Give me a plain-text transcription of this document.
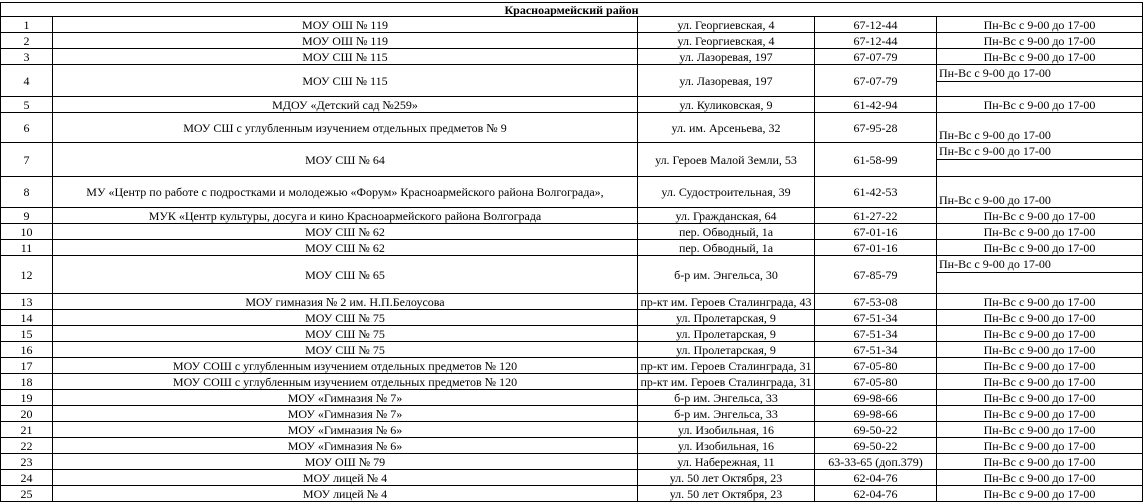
Красноармейский район				
1	МОУ ОШ № 119	ул. Георгиевская, 4	67-12-44	Пн-Вс с 9-00 до 17-00
2	МОУ ОШ № 119	ул. Георгиевская, 4	67-12-44	Пн-Вс с 9-00 до 17-00
3	МОУ СШ № 115	ул. Лазоревая, 197	67-07-79	Пн-Вс с 9-00 до 17-00
4	МОУ СШ № 115	ул. Лазоревая, 197	67-07-79	Пн-Вс с 9-00 до 17-00

5	МДОУ «Детский сад №259»	ул. Куликовская, 9	61-42-94	Пн-Вс с 9-00 до 17-00
6	МОУ СШ с углубленным изучением отдельных предметов № 9	ул. им. Арсеньева, 32	67-95-28	Пн-Вс с 9-00 до 17-00
7	МОУ СШ № 64	ул. Героев Малой Земли, 53	61-58-99	Пн-Вс с 9-00 до 17-00

8	МУ «Центр по работе с подростками и молодежью «Форум» Красноармейского района Волгограда»,	ул. Судостроительная, 39	61-42-53	Пн-Вс с 9-00 до 17-00
9	МУК «Центр культуры, досуга и кино Красноармейского района Волгограда	ул. Гражданская, 64	61-27-22	Пн-Вс с 9-00 до 17-00
10	МОУ СШ № 62	пер. Обводный, 1а	67-01-16	Пн-Вс с 9-00 до 17-00
11	МОУ СШ № 62	пер. Обводный, 1а	67-01-16	Пн-Вс с 9-00 до 17-00
12	МОУ СШ № 65	б-р им. Энгельса, 30	67-85-79	Пн-Вс с 9-00 до 17-00

13	МОУ гимназия № 2 им. Н.П.Белоусова	пр-кт им. Героев Сталинграда, 43	67-53-08	Пн-Вс с 9-00 до 17-00
14	МОУ СШ № 75	ул. Пролетарская, 9	67-51-34	Пн-Вс с 9-00 до 17-00
15	МОУ СШ № 75	ул. Пролетарская, 9	67-51-34	Пн-Вс с 9-00 до 17-00
16	МОУ СШ № 75	ул. Пролетарская, 9	67-51-34	Пн-Вс с 9-00 до 17-00
17	МОУ СОШ с углубленным изучением отдельных предметов № 120	пр-кт им. Героев Сталинграда, 31	67-05-80	Пн-Вс с 9-00 до 17-00
18	МОУ СОШ с углубленным изучением отдельных предметов № 120	пр-кт им. Героев Сталинграда, 31	67-05-80	Пн-Вс с 9-00 до 17-00
19	МОУ «Гимназия № 7»	б-р им. Энгельса, 33	69-98-66	Пн-Вс с 9-00 до 17-00
20	МОУ «Гимназия № 7»	б-р им. Энгельса, 33	69-98-66	Пн-Вс с 9-00 до 17-00
21	МОУ «Гимназия № 6»	ул. Изобильная, 16	69-50-22	Пн-Вс с 9-00 до 17-00
22	МОУ «Гимназия № 6»	ул. Изобильная, 16	69-50-22	Пн-Вс с 9-00 до 17-00
23	МОУ ОШ № 79	ул. Набережная, 11	63-33-65 (доп.379)	Пн-Вс с 9-00 до 17-00
24	МОУ лицей № 4	ул. 50 лет Октября, 23	62-04-76	Пн-Вс с 9-00 до 17-00
25	МОУ лицей № 4	ул. 50 лет Октября, 23	62-04-76	Пн-Вс с 9-00 до 17-00
